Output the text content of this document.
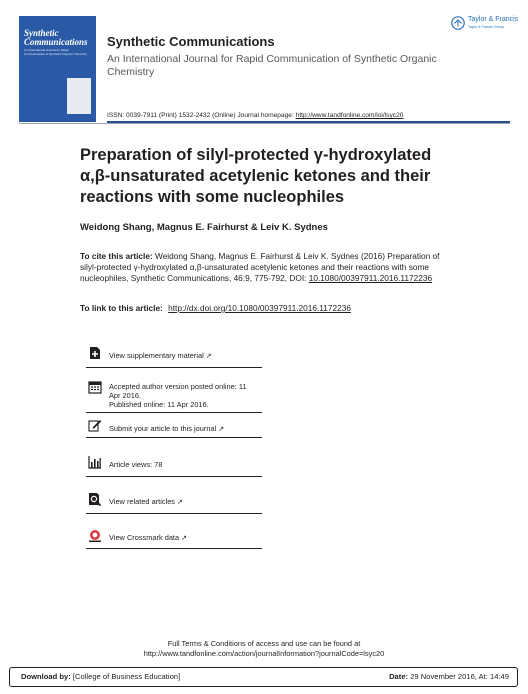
Synthetic
Communications
An International Journal for Rapid Communication of Synthetic Organic Chemistry
Synthetic Communications
An International Journal for Rapid Communication of Synthetic Organic Chemistry
ISSN: 0039-7911 (Print) 1532-2432 (Online) Journal homepage: http://www.tandfonline.com/loi/lsyc20
Taylor & Francis
Taylor & Francis Group
Preparation of silyl-protected γ-hydroxylated α,β-unsaturated acetylenic ketones and their reactions with some nucleophiles
Weidong Shang, Magnus E. Fairhurst & Leiv K. Sydnes
To cite this article: Weidong Shang, Magnus E. Fairhurst & Leiv K. Sydnes (2016) Preparation of silyl-protected γ-hydroxylated α,β-unsaturated acetylenic ketones and their reactions with some nucleophiles, Synthetic Communications, 46:9, 775-792, DOI: 10.1080/00397911.2016.1172236
To link to this article: http://dx.doi.org/10.1080/00397911.2016.1172236
View supplementary material ↗
Accepted author version posted online: 11 Apr 2016.
Published online: 11 Apr 2016.
Submit your article to this journal ↗
Article views: 78
View related articles ↗
View Crossmark data ↗
Full Terms & Conditions of access and use can be found at
http://www.tandfonline.com/action/journalInformation?journalCode=lsyc20
Download by: [College of Business Education]	Date: 29 November 2016, At: 14:49
